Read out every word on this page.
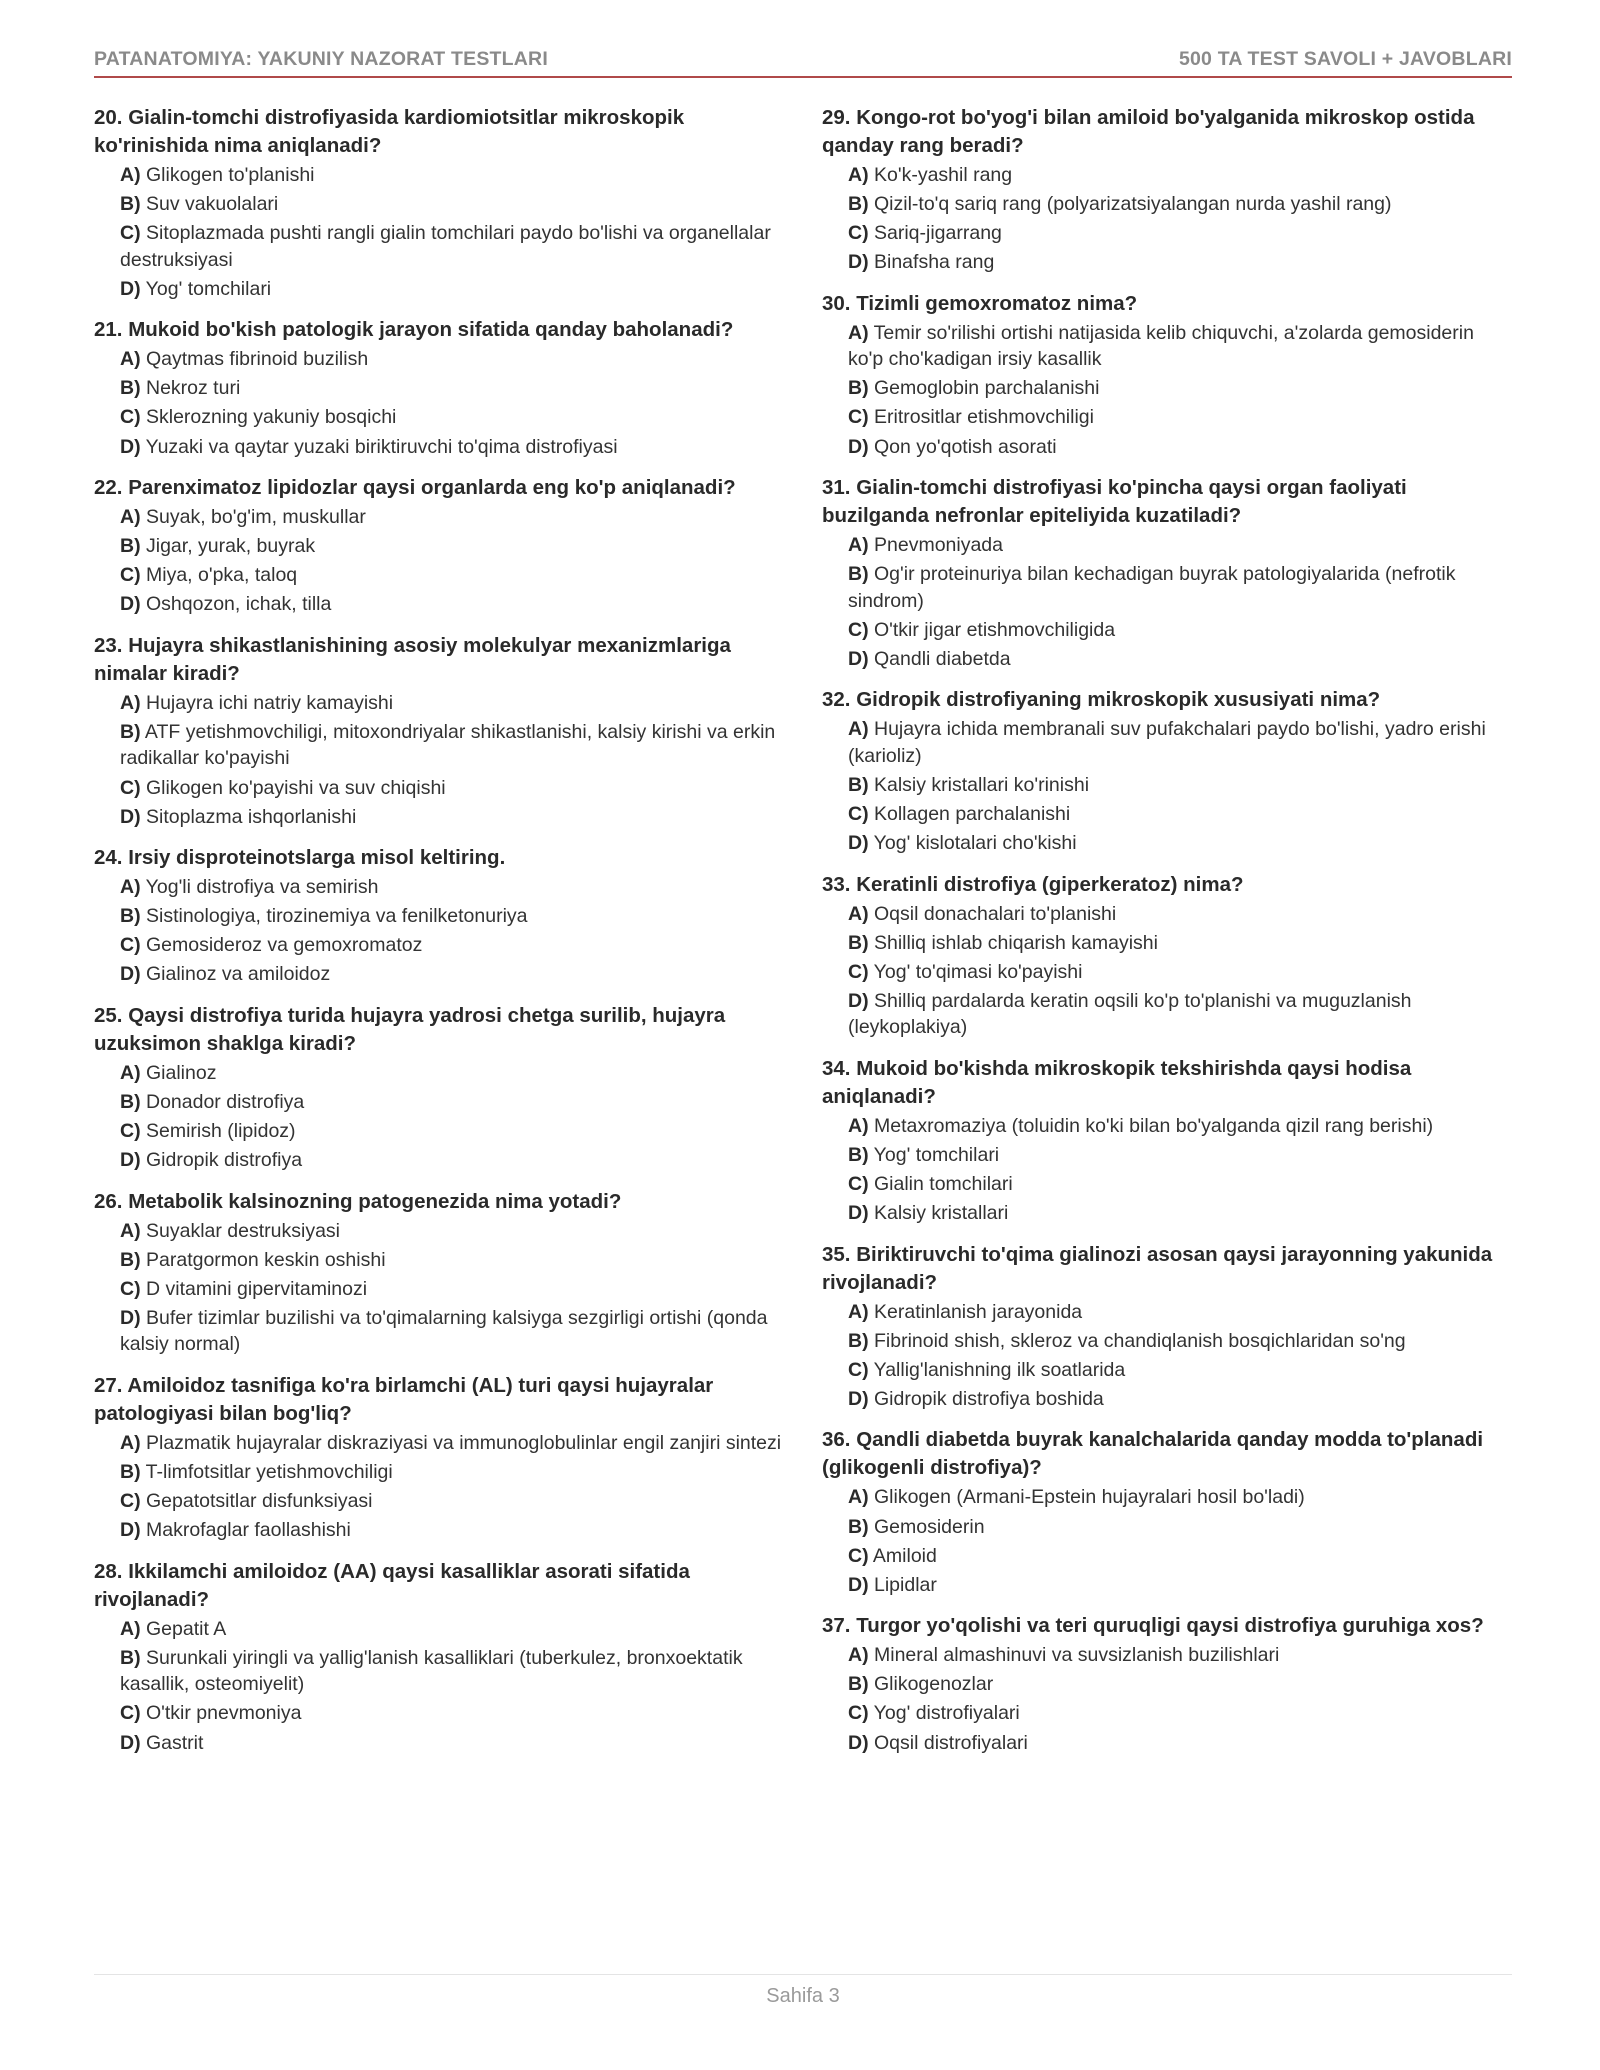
PATANATOMIYA: YAKUNIY NAZORAT TESTLARI	500 TA TEST SAVOLI + JAVOBLARI
20. Gialin-tomchi distrofiyasida kardiomiotsitlar mikroskopik ko'rinishida nima aniqlanadi?
A) Glikogen to'planishi
B) Suv vakuolalari
C) Sitoplazmada pushti rangli gialin tomchilari paydo bo'lishi va organellalar destruksiyasi
D) Yog' tomchilari
21. Mukoid bo'kish patologik jarayon sifatida qanday baholanadi?
A) Qaytmas fibrinoid buzilish
B) Nekroz turi
C) Sklerozning yakuniy bosqichi
D) Yuzaki va qaytar yuzaki biriktiruvchi to'qima distrofiyasi
22. Parenximatoz lipidozlar qaysi organlarda eng ko'p aniqlanadi?
A) Suyak, bo'g'im, muskullar
B) Jigar, yurak, buyrak
C) Miya, o'pka, taloq
D) Oshqozon, ichak, tilla
23. Hujayra shikastlanishining asosiy molekulyar mexanizmlariga nimalar kiradi?
A) Hujayra ichi natriy kamayishi
B) ATF yetishmovchiligi, mitoxondriyalar shikastlanishi, kalsiy kirishi va erkin radikallar ko'payishi
C) Glikogen ko'payishi va suv chiqishi
D) Sitoplazma ishqorlanishi
24. Irsiy disproteinotslarga misol keltiring.
A) Yog'li distrofiya va semirish
B) Sistinologiya, tirozinemiya va fenilketonuriya
C) Gemosideroz va gemoxromatoz
D) Gialinoz va amiloidoz
25. Qaysi distrofiya turida hujayra yadrosi chetga surilib, hujayra uzuksimon shaklga kiradi?
A) Gialinoz
B) Donador distrofiya
C) Semirish (lipidoz)
D) Gidropik distrofiya
26. Metabolik kalsinozning patogenezida nima yotadi?
A) Suyaklar destruksiyasi
B) Paratgormon keskin oshishi
C) D vitamini gipervitaminozi
D) Bufer tizimlar buzilishi va to'qimalarning kalsiyga sezgirligi ortishi (qonda kalsiy normal)
27. Amiloidoz tasnifiga ko'ra birlamchi (AL) turi qaysi hujayralar patologiyasi bilan bog'liq?
A) Plazmatik hujayralar diskraziyasi va immunoglobulinlar engil zanjiri sintezi
B) T-limfotsitlar yetishmovchiligi
C) Gepatotsitlar disfunksiyasi
D) Makrofaglar faollashishi
28. Ikkilamchi amiloidoz (AA) qaysi kasalliklar asorati sifatida rivojlanadi?
A) Gepatit A
B) Surunkali yiringli va yallig'lanish kasalliklari (tuberkulez, bronxoektatik kasallik, osteomiyelit)
C) O'tkir pnevmoniya
D) Gastrit
29. Kongo-rot bo'yog'i bilan amiloid bo'yalganida mikroskop ostida qanday rang beradi?
A) Ko'k-yashil rang
B) Qizil-to'q sariq rang (polyarizatsiyalangan nurda yashil rang)
C) Sariq-jigarrang
D) Binafsha rang
30. Tizimli gemoxromatoz nima?
A) Temir so'rilishi ortishi natijasida kelib chiquvchi, a'zolarda gemosiderin ko'p cho'kadigan irsiy kasallik
B) Gemoglobin parchalanishi
C) Eritrositlar etishmovchiligi
D) Qon yo'qotish asorati
31. Gialin-tomchi distrofiyasi ko'pincha qaysi organ faoliyati buzilganda nefronlar epiteliyida kuzatiladi?
A) Pnevmoniyada
B) Og'ir proteinuriya bilan kechadigan buyrak patologiyalarida (nefrotik sindrom)
C) O'tkir jigar etishmovchiligida
D) Qandli diabetda
32. Gidropik distrofiyaning mikroskopik xususiyati nima?
A) Hujayra ichida membranali suv pufakchalari paydo bo'lishi, yadro erishi (karioliz)
B) Kalsiy kristallari ko'rinishi
C) Kollagen parchalanishi
D) Yog' kislotalari cho'kishi
33. Keratinli distrofiya (giperkeratoz) nima?
A) Oqsil donachalari to'planishi
B) Shilliq ishlab chiqarish kamayishi
C) Yog' to'qimasi ko'payishi
D) Shilliq pardalarda keratin oqsili ko'p to'planishi va muguzlanish (leykoplakiya)
34. Mukoid bo'kishda mikroskopik tekshirishda qaysi hodisa aniqlanadi?
A) Metaxromaziya (toluidin ko'ki bilan bo'yalganda qizil rang berishi)
B) Yog' tomchilari
C) Gialin tomchilari
D) Kalsiy kristallari
35. Biriktiruvchi to'qima gialinozi asosan qaysi jarayonning yakunida rivojlanadi?
A) Keratinlanish jarayonida
B) Fibrinoid shish, skleroz va chandiqlanish bosqichlaridan so'ng
C) Yallig'lanishning ilk soatlarida
D) Gidropik distrofiya boshida
36. Qandli diabetda buyrak kanalchalarida qanday modda to'planadi (glikogenli distrofiya)?
A) Glikogen (Armani-Epstein hujayralari hosil bo'ladi)
B) Gemosiderin
C) Amiloid
D) Lipidlar
37. Turgor yo'qolishi va teri quruqligi qaysi distrofiya guruhiga xos?
A) Mineral almashinuvi va suvsizlanish buzilishlari
B) Glikogenozlar
C) Yog' distrofiyalari
D) Oqsil distrofiyalari
Sahifa 3
